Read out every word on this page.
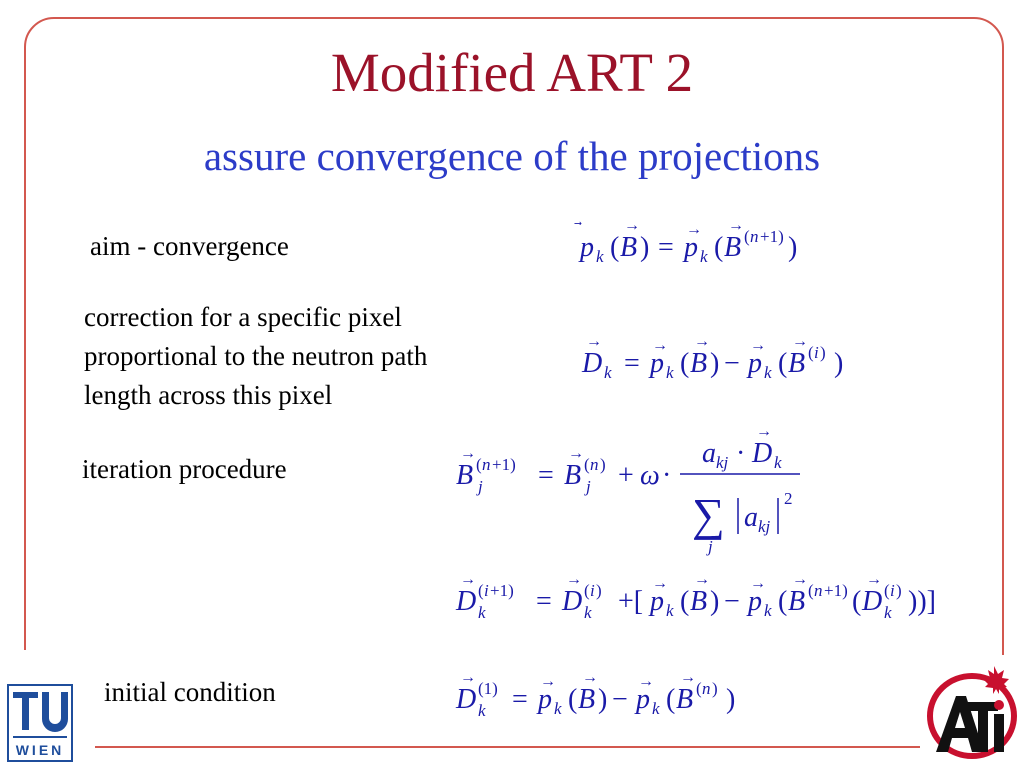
Modified ART 2
assure convergence of the projections
aim - convergence
correction for a specific pixel
proportional to the neutron path
length across this pixel
iteration procedure
initial condition
p k ( B
→
) = p
→
k ( B
→
( n +1) )
D
→
k = p
→
k ( B
→
) − p
→
k ( B
→
( i ) )
B
→
( n +1)
j = B
→
( n )
j + ω ·
a kj · D
→
k
∑
j
a kj
2
D
→
( i +1)
k = D
→
( i )
k +[ p
→
k ( B
→
) − p
→
k ( B
→
( n +1) ( D
→
( i )
k ))]
D
→
(1)
k = p
→
k ( B
→
) − p
→
k ( B
→
( n ) )
WIEN
